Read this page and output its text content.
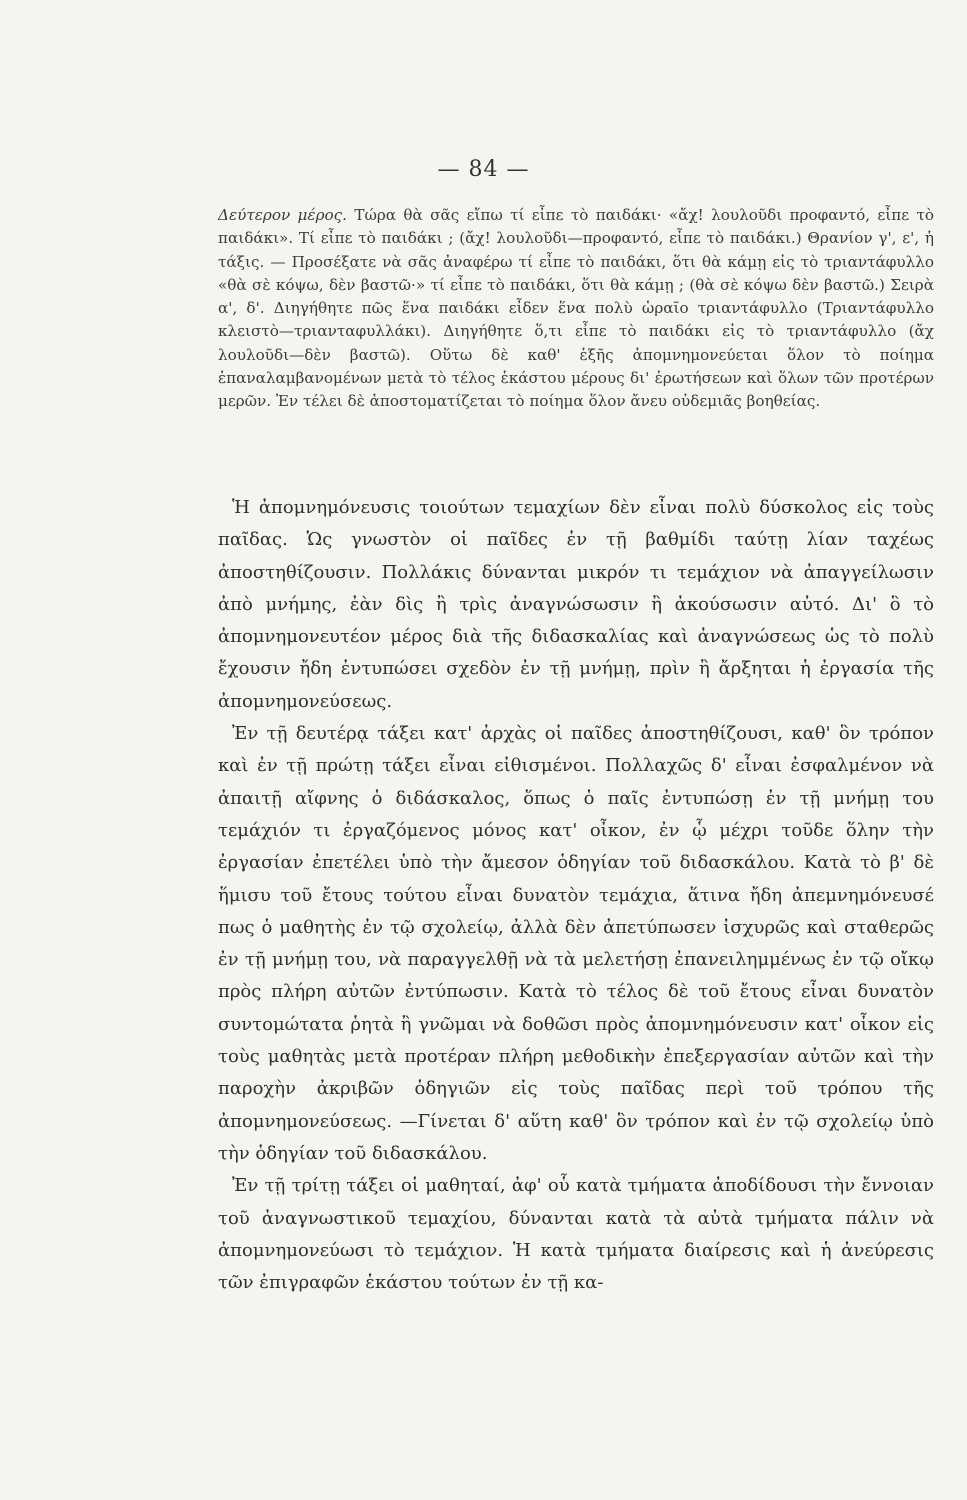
— 84 —

Δεύτερον μέρος. Τώρα θὰ σᾶς εἴπω τί εἶπε τὸ παιδάκι· «ἄχ! λουλοῦδι προφαντό, εἶπε τὸ παιδάκι». Τί εἶπε τὸ παιδάκι ; (ἄχ! λουλοῦδι—προφαντό, εἶπε τὸ παιδάκι.) Θρανίον γ', ε', ἡ τάξις. — Προσέξατε νὰ σᾶς ἀναφέρω τί εἶπε τὸ παιδάκι, ὅτι θὰ κάμῃ εἰς τὸ τριαντάφυλλο «θὰ σὲ κόψω, δὲν βαστῶ·» τί εἶπε τὸ παιδάκι, ὅτι θὰ κάμῃ ; (θὰ σὲ κόψω δὲν βαστῶ.) Σειρὰ α', δ'. Διηγήθητε πῶς ἕνα παιδάκι εἶδεν ἕνα πολὺ ὡραῖο τριαντάφυλλο (Τριαντάφυλλο κλειστὸ—τριανταφυλλάκι). Διηγήθητε ὅ,τι εἶπε τὸ παιδάκι εἰς τὸ τριαντάφυλλο (ἄχ λουλοῦδι—δὲν βαστῶ). Οὕτω δὲ καθ' ἑξῆς ἀπομνημονεύεται ὅλον τὸ ποίημα ἐπαναλαμβανομένων μετὰ τὸ τέλος ἑκάστου μέρους δι' ἐρωτήσεων καὶ ὅλων τῶν προτέρων μερῶν. Ἐν τέλει δὲ ἀποστοματίζεται τὸ ποίημα ὅλον ἄνευ οὐδεμιᾶς βοηθείας.

Ἡ ἀπομνημόνευσις τοιούτων τεμαχίων δὲν εἶναι πολὺ δύσκολος εἰς τοὺς παῖδας. Ὡς γνωστὸν οἱ παῖδες ἐν τῇ βαθμίδι ταύτῃ λίαν ταχέως ἀποστηθίζουσιν. Πολλάκις δύνανται μικρόν τι τεμάχιον νὰ ἀπαγγείλωσιν ἀπὸ μνήμης, ἐὰν δὶς ἢ τρὶς ἀναγνώσωσιν ἢ ἀκούσωσιν αὐτό. Δι' ὃ τὸ ἀπομνημονευτέον μέρος διὰ τῆς διδασκαλίας καὶ ἀναγνώσεως ὡς τὸ πολὺ ἔχουσιν ἤδη ἐντυπώσει σχεδὸν ἐν τῇ μνήμῃ, πρὶν ἢ ἄρξηται ἡ ἐργασία τῆς ἀπομνημονεύσεως.

Ἐν τῇ δευτέρᾳ τάξει κατ' ἀρχὰς οἱ παῖδες ἀποστηθίζουσι, καθ' ὃν τρόπον καὶ ἐν τῇ πρώτῃ τάξει εἶναι εἰθισμένοι. Πολλαχῶς δ' εἶναι ἐσφαλμένον νὰ ἀπαιτῇ αἴφνης ὁ διδάσκαλος, ὅπως ὁ παῖς ἐντυπώσῃ ἐν τῇ μνήμῃ του τεμάχιόν τι ἐργαζόμενος μόνος κατ' οἶκον, ἐν ᾧ μέχρι τοῦδε ὅλην τὴν ἐργασίαν ἐπετέλει ὑπὸ τὴν ἄμεσον ὁδηγίαν τοῦ διδασκάλου. Κατὰ τὸ β' δὲ ἥμισυ τοῦ ἔτους τούτου εἶναι δυνατὸν τεμάχια, ἅτινα ἤδη ἀπεμνημόνευσέ πως ὁ μαθητὴς ἐν τῷ σχολείῳ, ἀλλὰ δὲν ἀπετύπωσεν ἰσχυρῶς καὶ σταθερῶς ἐν τῇ μνήμῃ του, νὰ παραγγελθῇ νὰ τὰ μελετήσῃ ἐπανειλημμένως ἐν τῷ οἴκῳ πρὸς πλήρη αὐτῶν ἐντύπωσιν. Κατὰ τὸ τέλος δὲ τοῦ ἔτους εἶναι δυνατὸν συντομώτατα ῥητὰ ἢ γνῶμαι νὰ δοθῶσι πρὸς ἀπομνημόνευσιν κατ' οἶκον εἰς τοὺς μαθητὰς μετὰ προτέραν πλήρη μεθοδικὴν ἐπεξεργασίαν αὐτῶν καὶ τὴν παροχὴν ἀκριβῶν ὁδηγιῶν εἰς τοὺς παῖδας περὶ τοῦ τρόπου τῆς ἀπομνημονεύσεως. —Γίνεται δ' αὕτη καθ' ὃν τρόπον καὶ ἐν τῷ σχολείῳ ὑπὸ τὴν ὁδηγίαν τοῦ διδασκάλου.

Ἐν τῇ τρίτῃ τάξει οἱ μαθηταί, ἀφ' οὗ κατὰ τμήματα ἀποδίδουσι τὴν ἔννοιαν τοῦ ἀναγνωστικοῦ τεμαχίου, δύνανται κατὰ τὰ αὐτὰ τμήματα πάλιν νὰ ἀπομνημονεύωσι τὸ τεμάχιον. Ἡ κατὰ τμήματα διαίρεσις καὶ ἡ ἀνεύρεσις τῶν ἐπιγραφῶν ἑκάστου τούτων ἐν τῇ κα-
